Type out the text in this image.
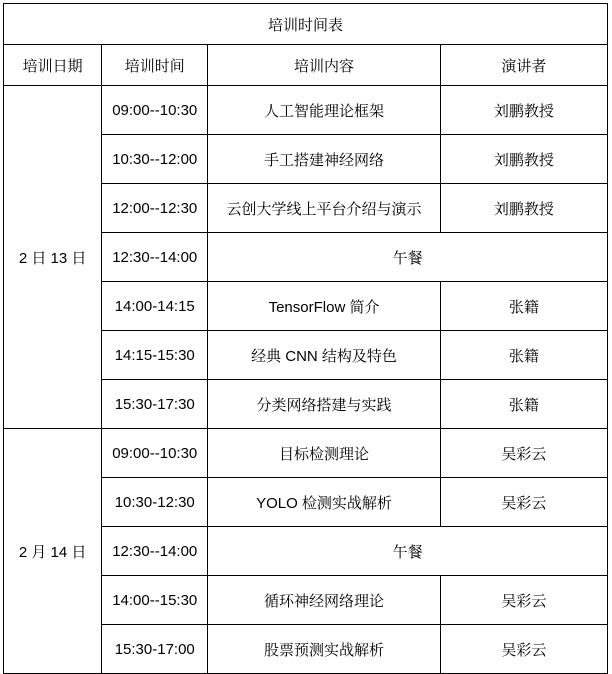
培训时间表			
培训日期	培训时间	培训内容	演讲者
2 日 13 日	09:00--10:30	人工智能理论框架	刘鹏教授
	10:30--12:00	手工搭建神经网络	刘鹏教授
	12:00--12:30	云创大学线上平台介绍与演示	刘鹏教授
	12:30--14:00	午餐	
	14:00-14:15	TensorFlow 简介	张籍
	14:15-15:30	经典 CNN 结构及特色	张籍
	15:30-17:30	分类网络搭建与实践	张籍
2 月 14 日	09:00--10:30	目标检测理论	吴彩云
	10:30-12:30	YOLO 检测实战解析	吴彩云
	12:30--14:00	午餐	
	14:00--15:30	循环神经网络理论	吴彩云
	15:30-17:00	股票预测实战解析	吴彩云
